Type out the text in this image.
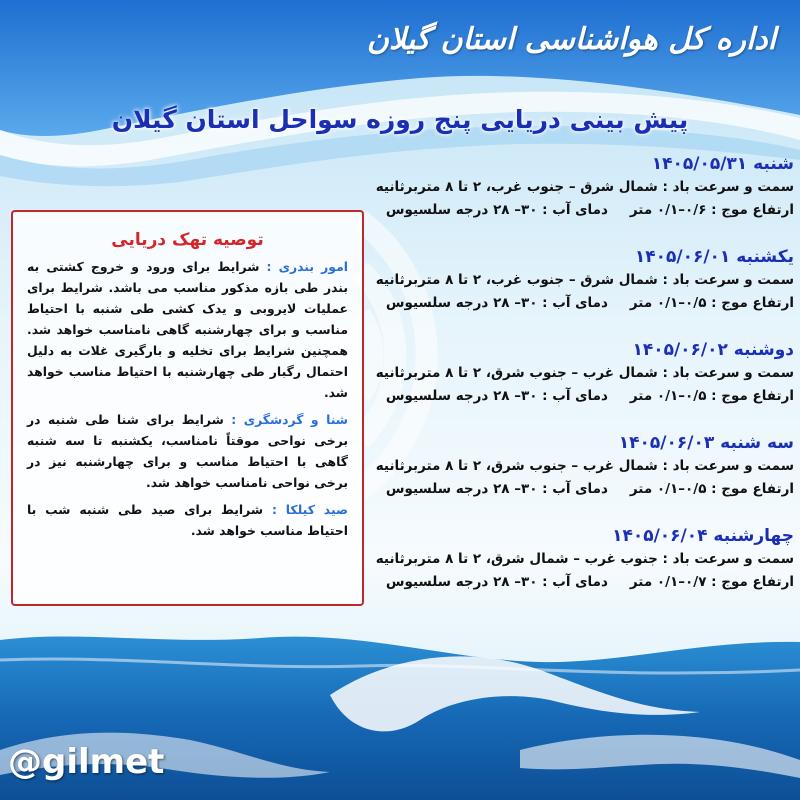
اداره کل هواشناسی استان گیلان
پیش بینی دریایی پنج روزه سواحل استان گیلان
شنبه ۱۴۰۵/۰۵/۳۱
سمت و سرعت باد : شمال شرق – جنوب غرب، ۲ تا ۸ متربرثانیه
ارتفاع موج : ۰/۶–۰/۱ متردمای آب : ۳۰– ۲۸ درجه سلسیوس
یکشنبه ۱۴۰۵/۰۶/۰۱
سمت و سرعت باد : شمال شرق – جنوب غرب، ۲ تا ۸ متربرثانیه
ارتفاع موج : ۰/۵–۰/۱ متردمای آب : ۳۰– ۲۸ درجه سلسیوس
دوشنبه ۱۴۰۵/۰۶/۰۲
سمت و سرعت باد : شمال غرب – جنوب شرق، ۲ تا ۸ متربرثانیه
ارتفاع موج : ۰/۵–۰/۱ متردمای آب : ۳۰– ۲۸ درجه سلسیوس
سه شنبه ۱۴۰۵/۰۶/۰۳
سمت و سرعت باد : شمال غرب – جنوب شرق، ۲ تا ۸ متربرثانیه
ارتفاع موج : ۰/۵–۰/۱ متردمای آب : ۳۰– ۲۸ درجه سلسیوس
چهارشنبه ۱۴۰۵/۰۶/۰۴
سمت و سرعت باد : جنوب غرب – شمال شرق، ۲ تا ۸ متربرثانیه
ارتفاع موج : ۰/۷–۰/۱ متردمای آب : ۳۰– ۲۸ درجه سلسیوس
توصیه تهک دریایی

امور بندری : شرایط برای ورود و خروج کشتی به بندر طی بازه مذکور مناسب می باشد. شرایط برای عملیات لایروبی و یدک کشی طی شنبه با احتیاط مناسب و برای چهارشنبه گاهی نامناسب خواهد شد. همچنین شرایط برای تخلیه و بارگیری غلات به دلیل احتمال رگبار طی چهارشنبه با احتیاط مناسب خواهد شد.

شنا و گردشگری : شرایط برای شنا طی شنبه در برخی نواحی موقتاً نامناسب، یکشنبه تا سه شنبه گاهی با احتیاط مناسب و برای چهارشنبه نیز در برخی نواحی نامناسب خواهد شد.

صید کیلکا : شرایط برای صید طی شنبه شب با احتیاط مناسب خواهد شد.

@gilmet
